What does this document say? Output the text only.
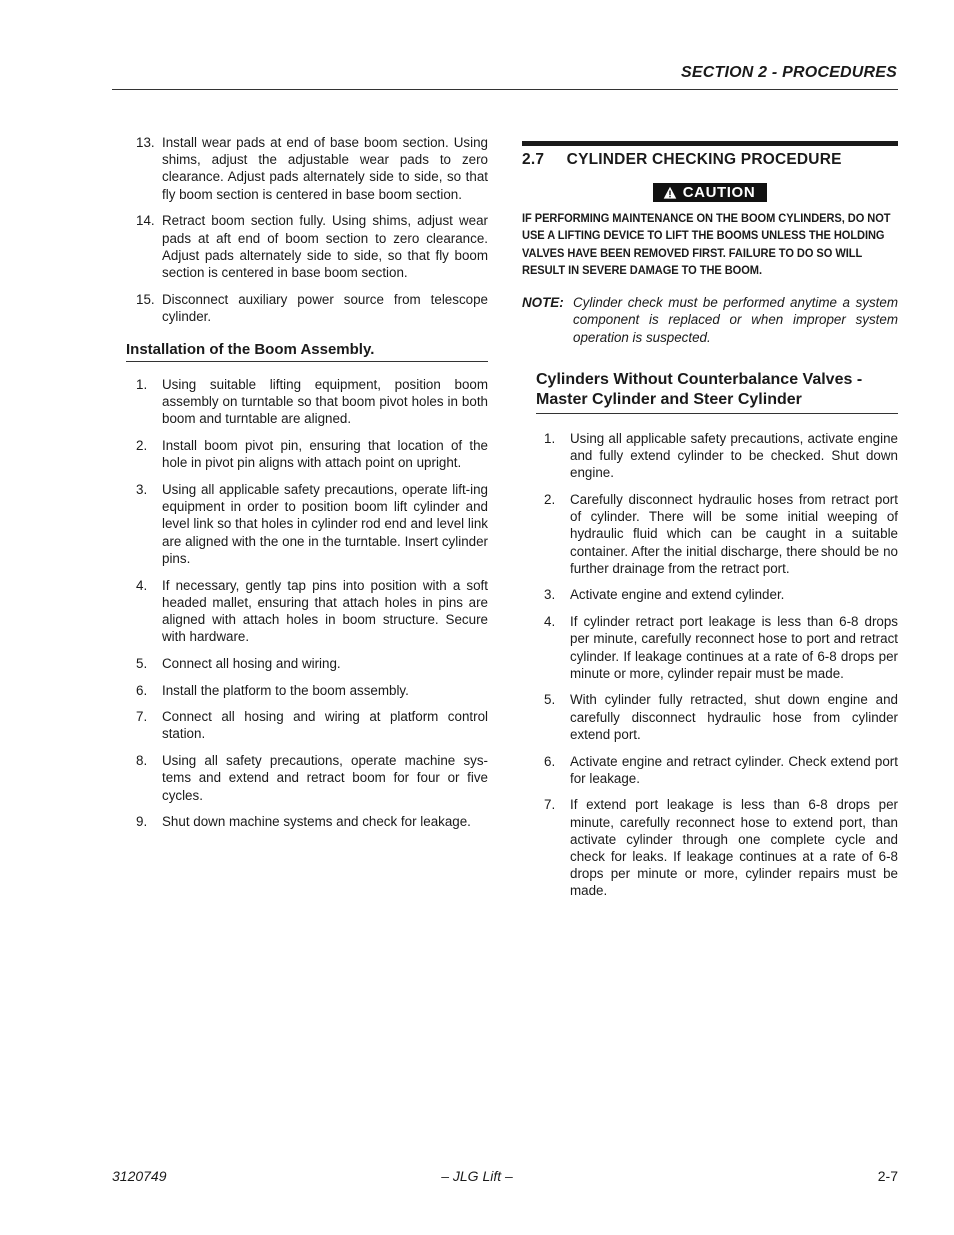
SECTION 2 - PROCEDURES
13. Install wear pads at end of base boom section. Using shims, adjust the adjustable wear pads to zero clearance. Adjust pads alternately side to side, so that fly boom section is centered in base boom section.
14. Retract boom section fully. Using shims, adjust wear pads at aft end of boom section to zero clearance. Adjust pads alternately side to side, so that fly boom section is centered in base boom section.
15. Disconnect auxiliary power source from telescope cylinder.
Installation of the Boom Assembly.
1.	Using suitable lifting equipment, position boom assembly on turntable so that boom pivot holes in both boom and turntable are aligned.
2.	Install boom pivot pin, ensuring that location of the hole in pivot pin aligns with attach point on upright.
3.	Using all applicable safety precautions, operate lift-ing equipment in order to position boom lift cylinder and level link so that holes in cylinder rod end and level link are aligned with the one in the turntable. Insert cylinder pins.
4.	If necessary, gently tap pins into position with a soft headed mallet, ensuring that attach holes in pins are aligned with attach holes in boom structure. Secure with hardware.
5.	Connect all hosing and wiring.
6.	Install the platform to the boom assembly.
7.	Connect all hosing and wiring at platform control station.
8.	Using all safety precautions, operate machine sys-tems and extend and retract boom for four or five cycles.
9.	Shut down machine systems and check for leakage.
2.7     CYLINDER CHECKING PROCEDURE
CAUTION
IF PERFORMING MAINTENANCE ON THE BOOM CYLINDERS, DO NOT USE A LIFTING DEVICE TO LIFT THE BOOMS UNLESS THE HOLDING VALVES HAVE BEEN REMOVED FIRST. FAILURE TO DO SO WILL RESULT IN SEVERE DAMAGE TO THE BOOM.
NOTE: Cylinder check must be performed anytime a system component is replaced or when improper system operation is suspected.
Cylinders Without Counterbalance Valves -
Master Cylinder and Steer Cylinder
1.	Using all applicable safety precautions, activate engine and fully extend cylinder to be checked. Shut down engine.
2.	Carefully disconnect hydraulic hoses from retract port of cylinder. There will be some initial weeping of hydraulic fluid which can be caught in a suitable container. After the initial discharge, there should be no further drainage from the retract port.
3.	Activate engine and extend cylinder.
4.	If cylinder retract port leakage is less than 6-8 drops per minute, carefully reconnect hose to port and retract cylinder. If leakage continues at a rate of 6-8 drops per minute or more, cylinder repair must be made.
5.	With cylinder fully retracted, shut down engine and carefully disconnect hydraulic hose from cylinder extend port.
6.	Activate engine and retract cylinder. Check extend port for leakage.
7.	If extend port leakage is less than 6-8 drops per minute, carefully reconnect hose to extend port, than activate cylinder through one complete cycle and check for leaks. If leakage continues at a rate of 6-8 drops per minute or more, cylinder repairs must be made.
3120749	– JLG Lift –	2-7
